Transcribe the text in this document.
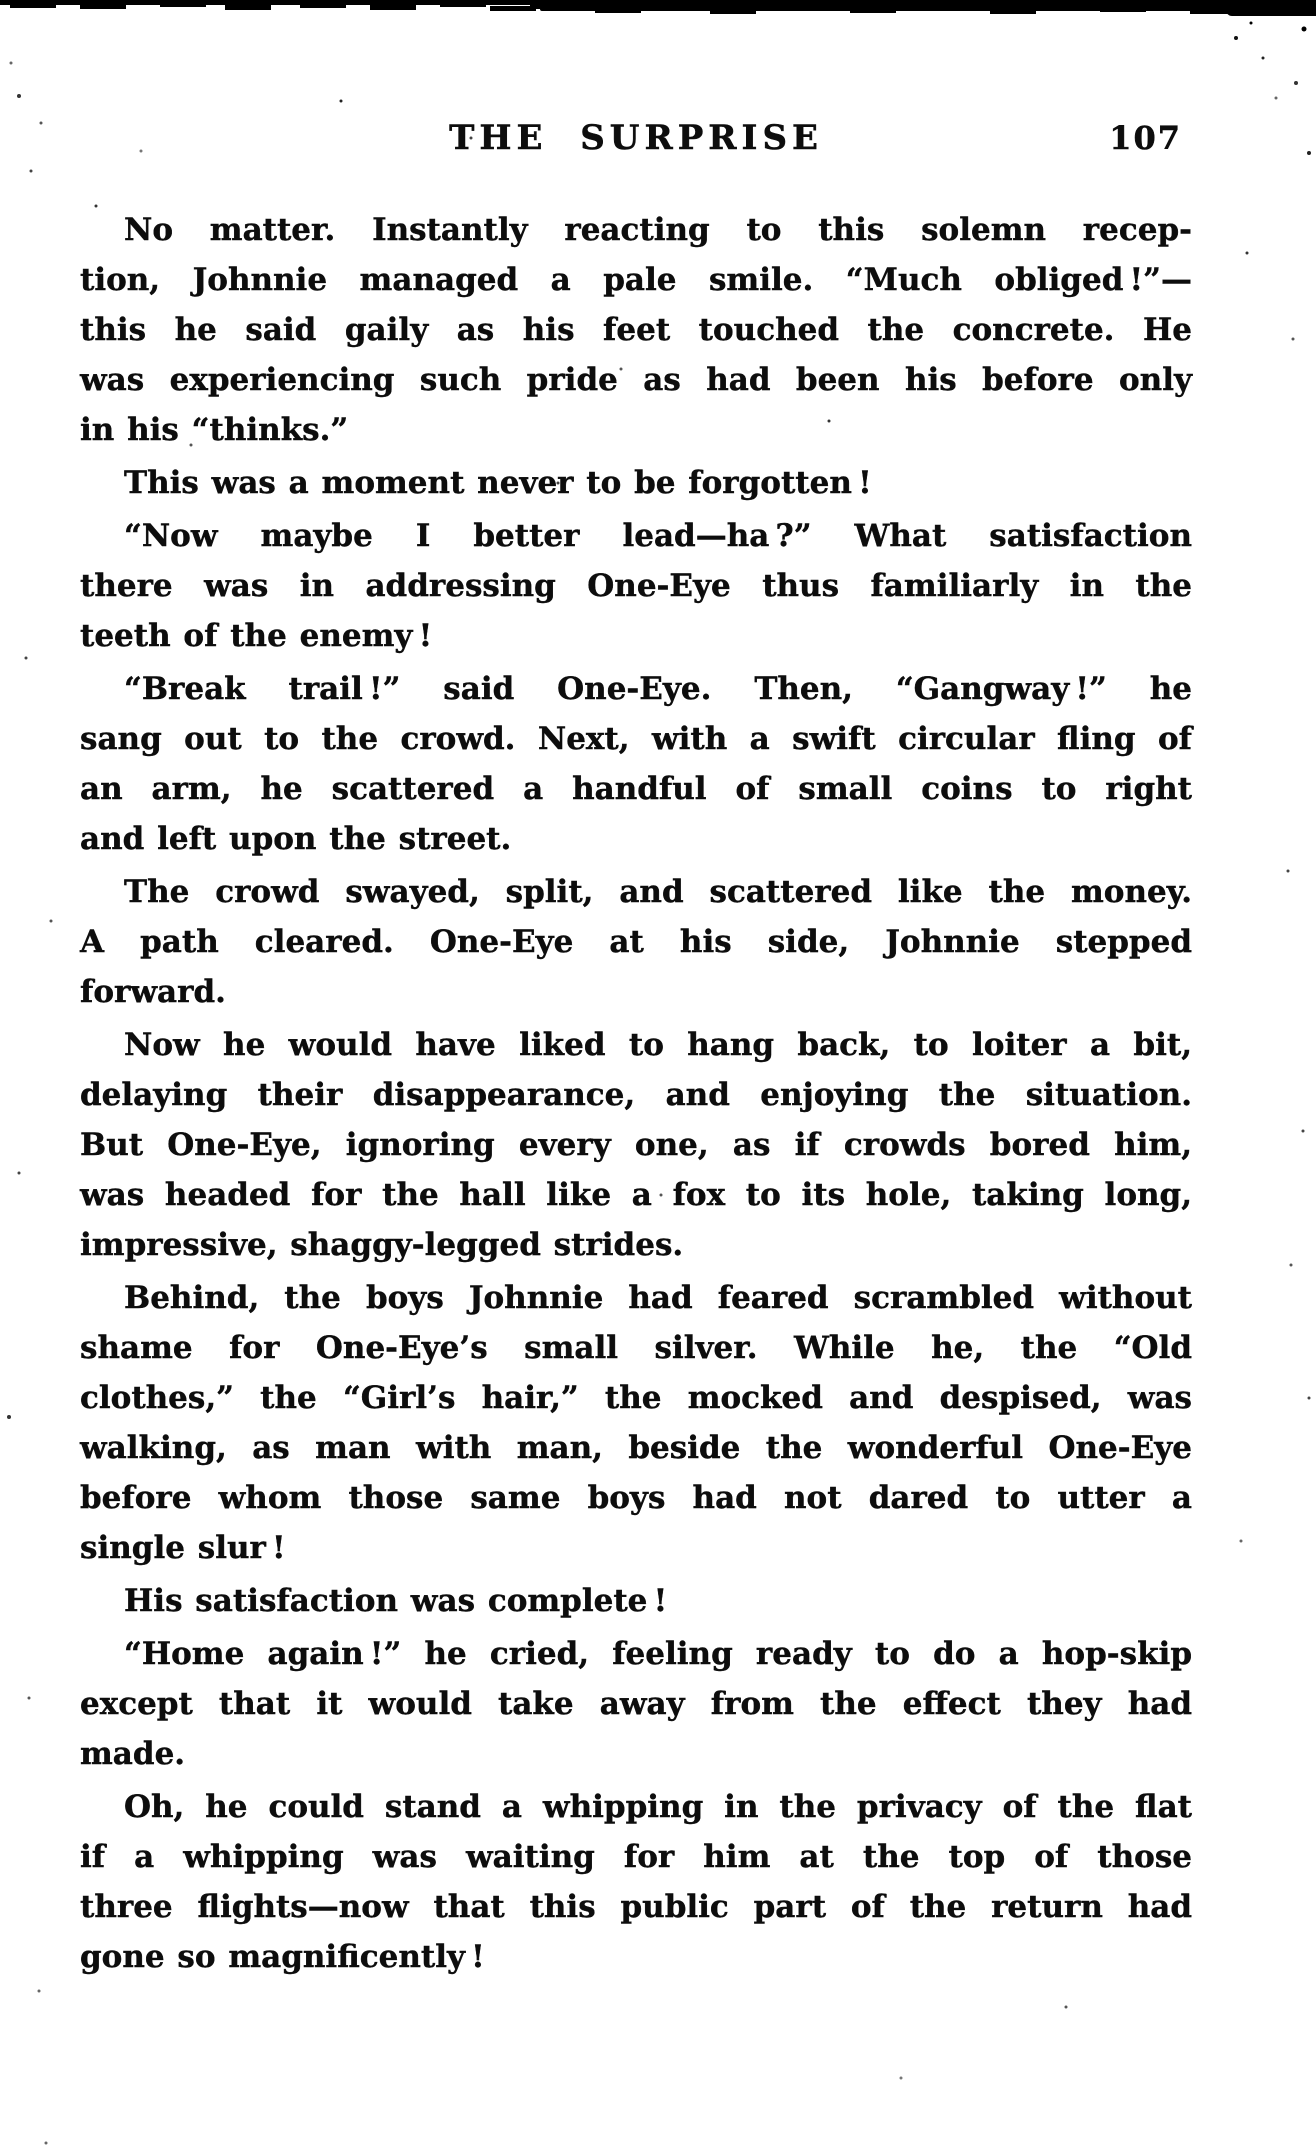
THE SURPRISE	107
No matter. Instantly reacting to this solemn recep-
tion, Johnnie managed a pale smile. “Much obliged !”—
this he said gaily as his feet touched the concrete. He
was experiencing such pride as had been his before only
in his “thinks.”
This was a moment never to be forgotten !
“Now maybe I better lead—ha ?” What satisfaction
there was in addressing One-Eye thus familiarly in the
teeth of the enemy !
“Break trail !” said One-Eye. Then, “Gangway !” he
sang out to the crowd. Next, with a swift circular fling of
an arm, he scattered a handful of small coins to right
and left upon the street.
The crowd swayed, split, and scattered like the money.
A path cleared. One-Eye at his side, Johnnie stepped
forward.
Now he would have liked to hang back, to loiter a bit,
delaying their disappearance, and enjoying the situation.
But One-Eye, ignoring every one, as if crowds bored him,
was headed for the hall like a fox to its hole, taking long,
impressive, shaggy-legged strides.
Behind, the boys Johnnie had feared scrambled without
shame for One-Eye’s small silver. While he, the “Old
clothes,” the “Girl’s hair,” the mocked and despised, was
walking, as man with man, beside the wonderful One-Eye
before whom those same boys had not dared to utter a
single slur !
His satisfaction was complete !
“Home again !” he cried, feeling ready to do a hop-skip
except that it would take away from the effect they had
made.
Oh, he could stand a whipping in the privacy of the flat
if a whipping was waiting for him at the top of those
three flights—now that this public part of the return had
gone so magnificently !
